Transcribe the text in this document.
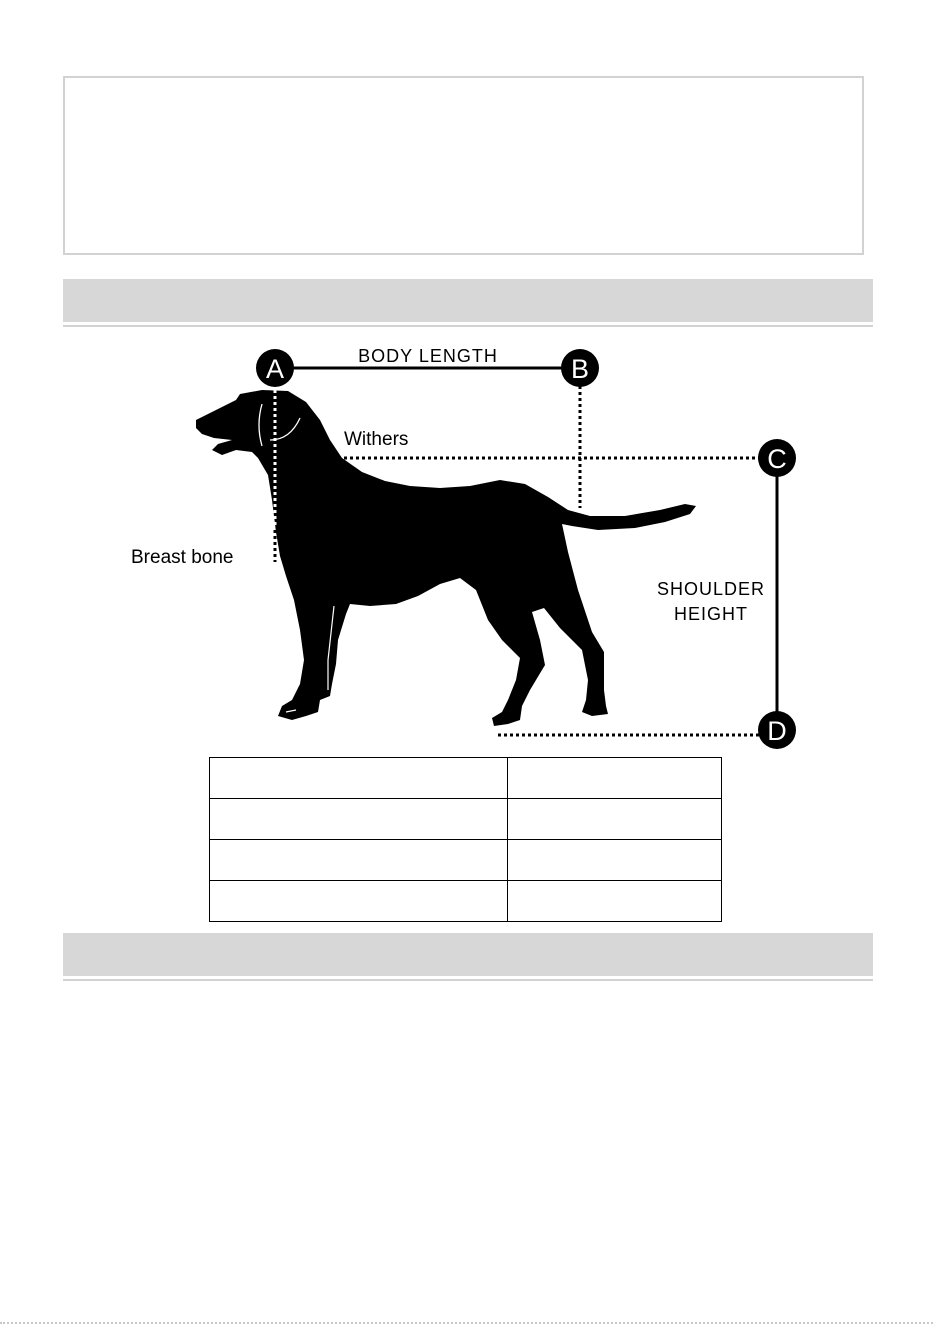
A	B
C
D
BODY LENGTH
Withers
Breast bone
SHOULDER
HEIGHT
